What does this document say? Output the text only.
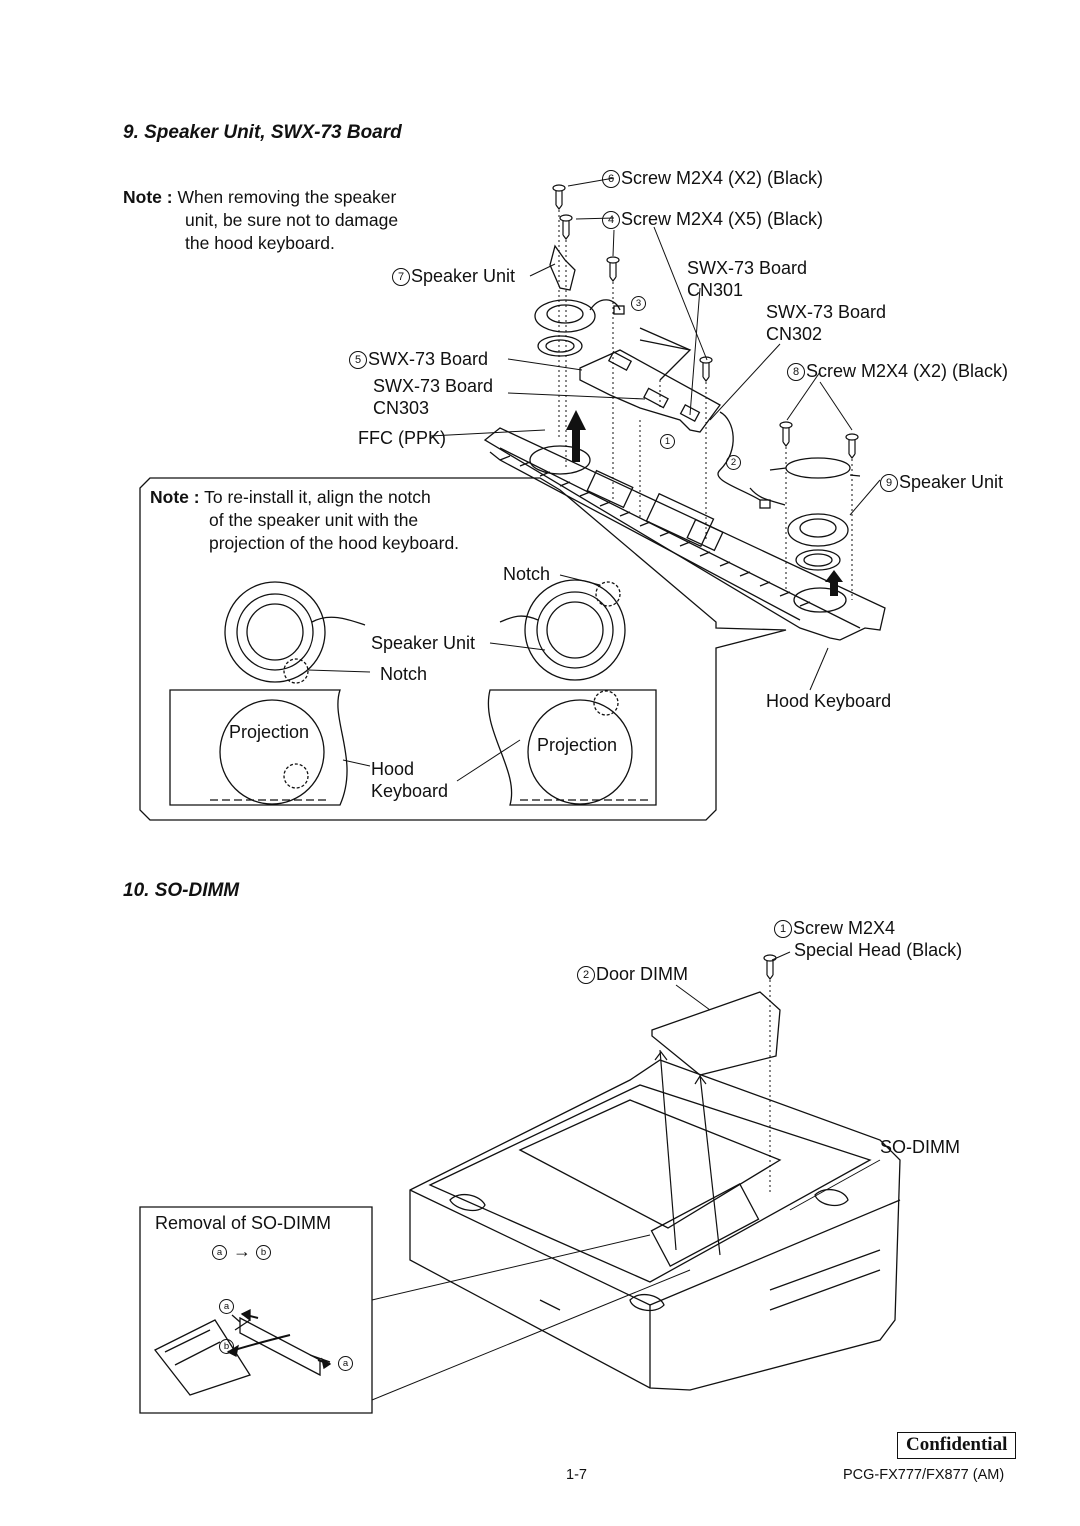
9. Speaker Unit, SWX-73 Board
Note : When removing the speaker
unit, be sure not to damage
the hood keyboard.
6 Screw M2X4 (X2) (Black)
4 Screw M2X4 (X5) (Black)
7 Speaker Unit	SWX-73 Board
CN301
SWX-73 Board
CN302
5 SWX-73 Board
SWX-73 Board
CN303
8 Screw M2X4 (X2) (Black)
FFC (PPK)
9 Speaker Unit
1
2
3
Note : To re-install it, align the notch
of the speaker unit with the
projection of the hood keyboard.
Notch
Speaker Unit
Notch
Projection
Projection
Hood
Keyboard
Hood Keyboard
10. SO-DIMM
1 Screw M2X4
Special Head (Black)
2 Door DIMM
SO-DIMM
Removal of SO-DIMM
a → b
a
b
a
Confidential
1-7	PCG-FX777/FX877 (AM)
